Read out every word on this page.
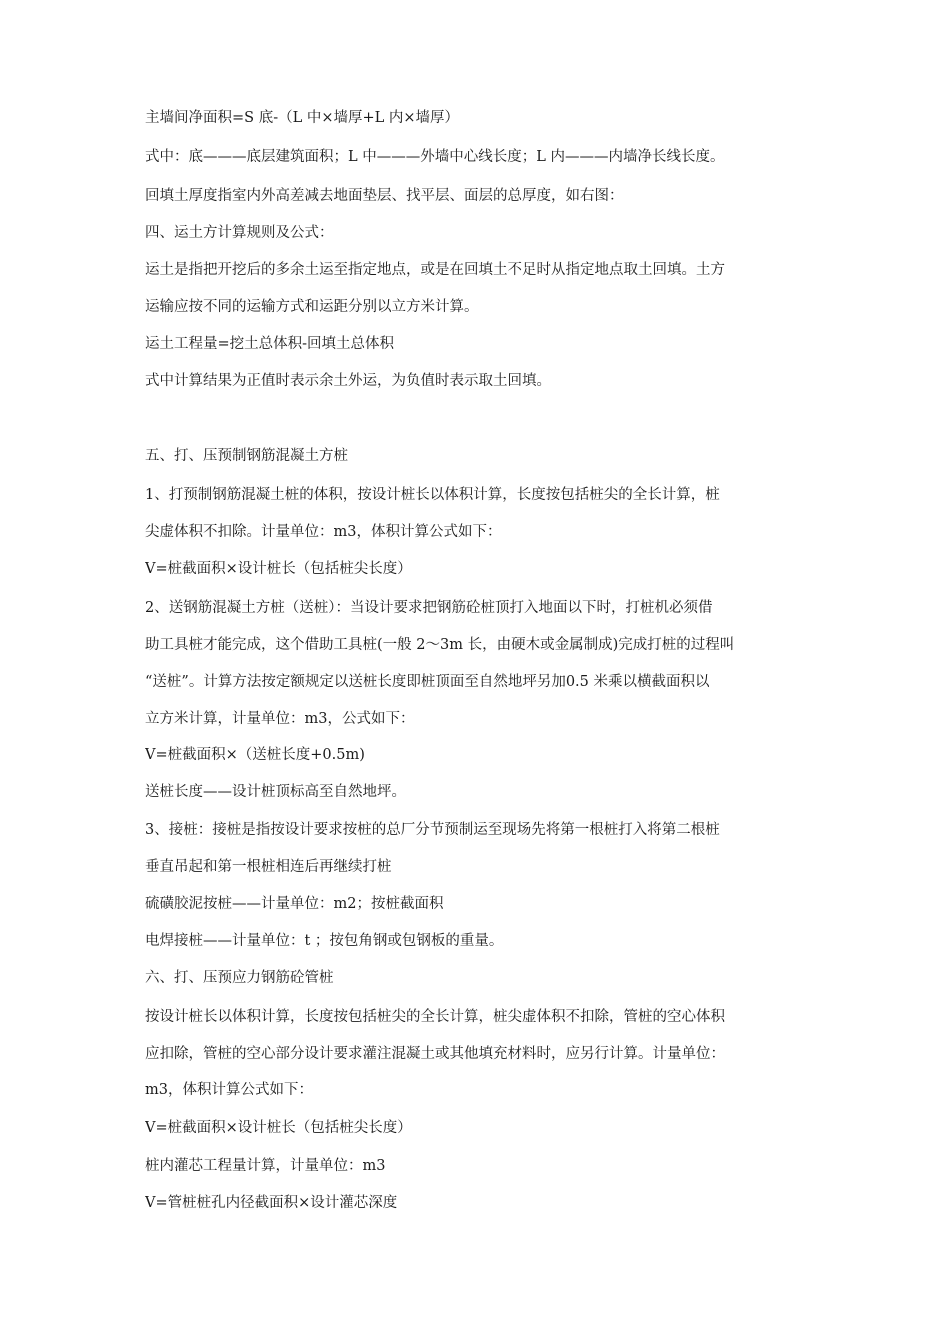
主墙间净面积=S 底-（L 中×墙厚+L 内×墙厚）
式中：底———底层建筑面积；L 中———外墙中心线长度；L 内———内墙净长线长度。
回填土厚度指室内外高差减去地面垫层、找平层、面层的总厚度，如右图：
四、运土方计算规则及公式：
运土是指把开挖后的多余土运至指定地点，或是在回填土不足时从指定地点取土回填。土方
运输应按不同的运输方式和运距分别以立方米计算。
运土工程量=挖土总体积-回填土总体积
式中计算结果为正值时表示余土外运，为负值时表示取土回填。
五、打、压预制钢筋混凝土方桩
1、打预制钢筋混凝土桩的体积，按设计桩长以体积计算，长度按包括桩尖的全长计算，桩
尖虚体积不扣除。计量单位：m3，体积计算公式如下：
V=桩截面积×设计桩长（包括桩尖长度）
2、送钢筋混凝土方桩（送桩）：当设计要求把钢筋砼桩顶打入地面以下时，打桩机必须借
助工具桩才能完成，这个借助工具桩(一般 2～3m 长，由硬木或金属制成)完成打桩的过程叫
“送桩”。计算方法按定额规定以送桩长度即桩顶面至自然地坪另加0.5 米乘以横截面积以
立方米计算，计量单位：m3，公式如下：
V=桩截面积×（送桩长度+0.5m)
送桩长度——设计桩顶标高至自然地坪。
3、接桩：接桩是指按设计要求按桩的总厂分节预制运至现场先将第一根桩打入将第二根桩
垂直吊起和第一根桩相连后再继续打桩
硫磺胶泥按桩——计量单位：m2；按桩截面积
电焊接桩——计量单位：t ；按包角钢或包钢板的重量。
六、打、压预应力钢筋砼管桩
按设计桩长以体积计算，长度按包括桩尖的全长计算，桩尖虚体积不扣除，管桩的空心体积
应扣除，管桩的空心部分设计要求灌注混凝土或其他填充材料时，应另行计算。计量单位：
m3，体积计算公式如下：
V=桩截面积×设计桩长（包括桩尖长度）
桩内灌芯工程量计算，计量单位：m3
V=管桩桩孔内径截面积×设计灌芯深度
